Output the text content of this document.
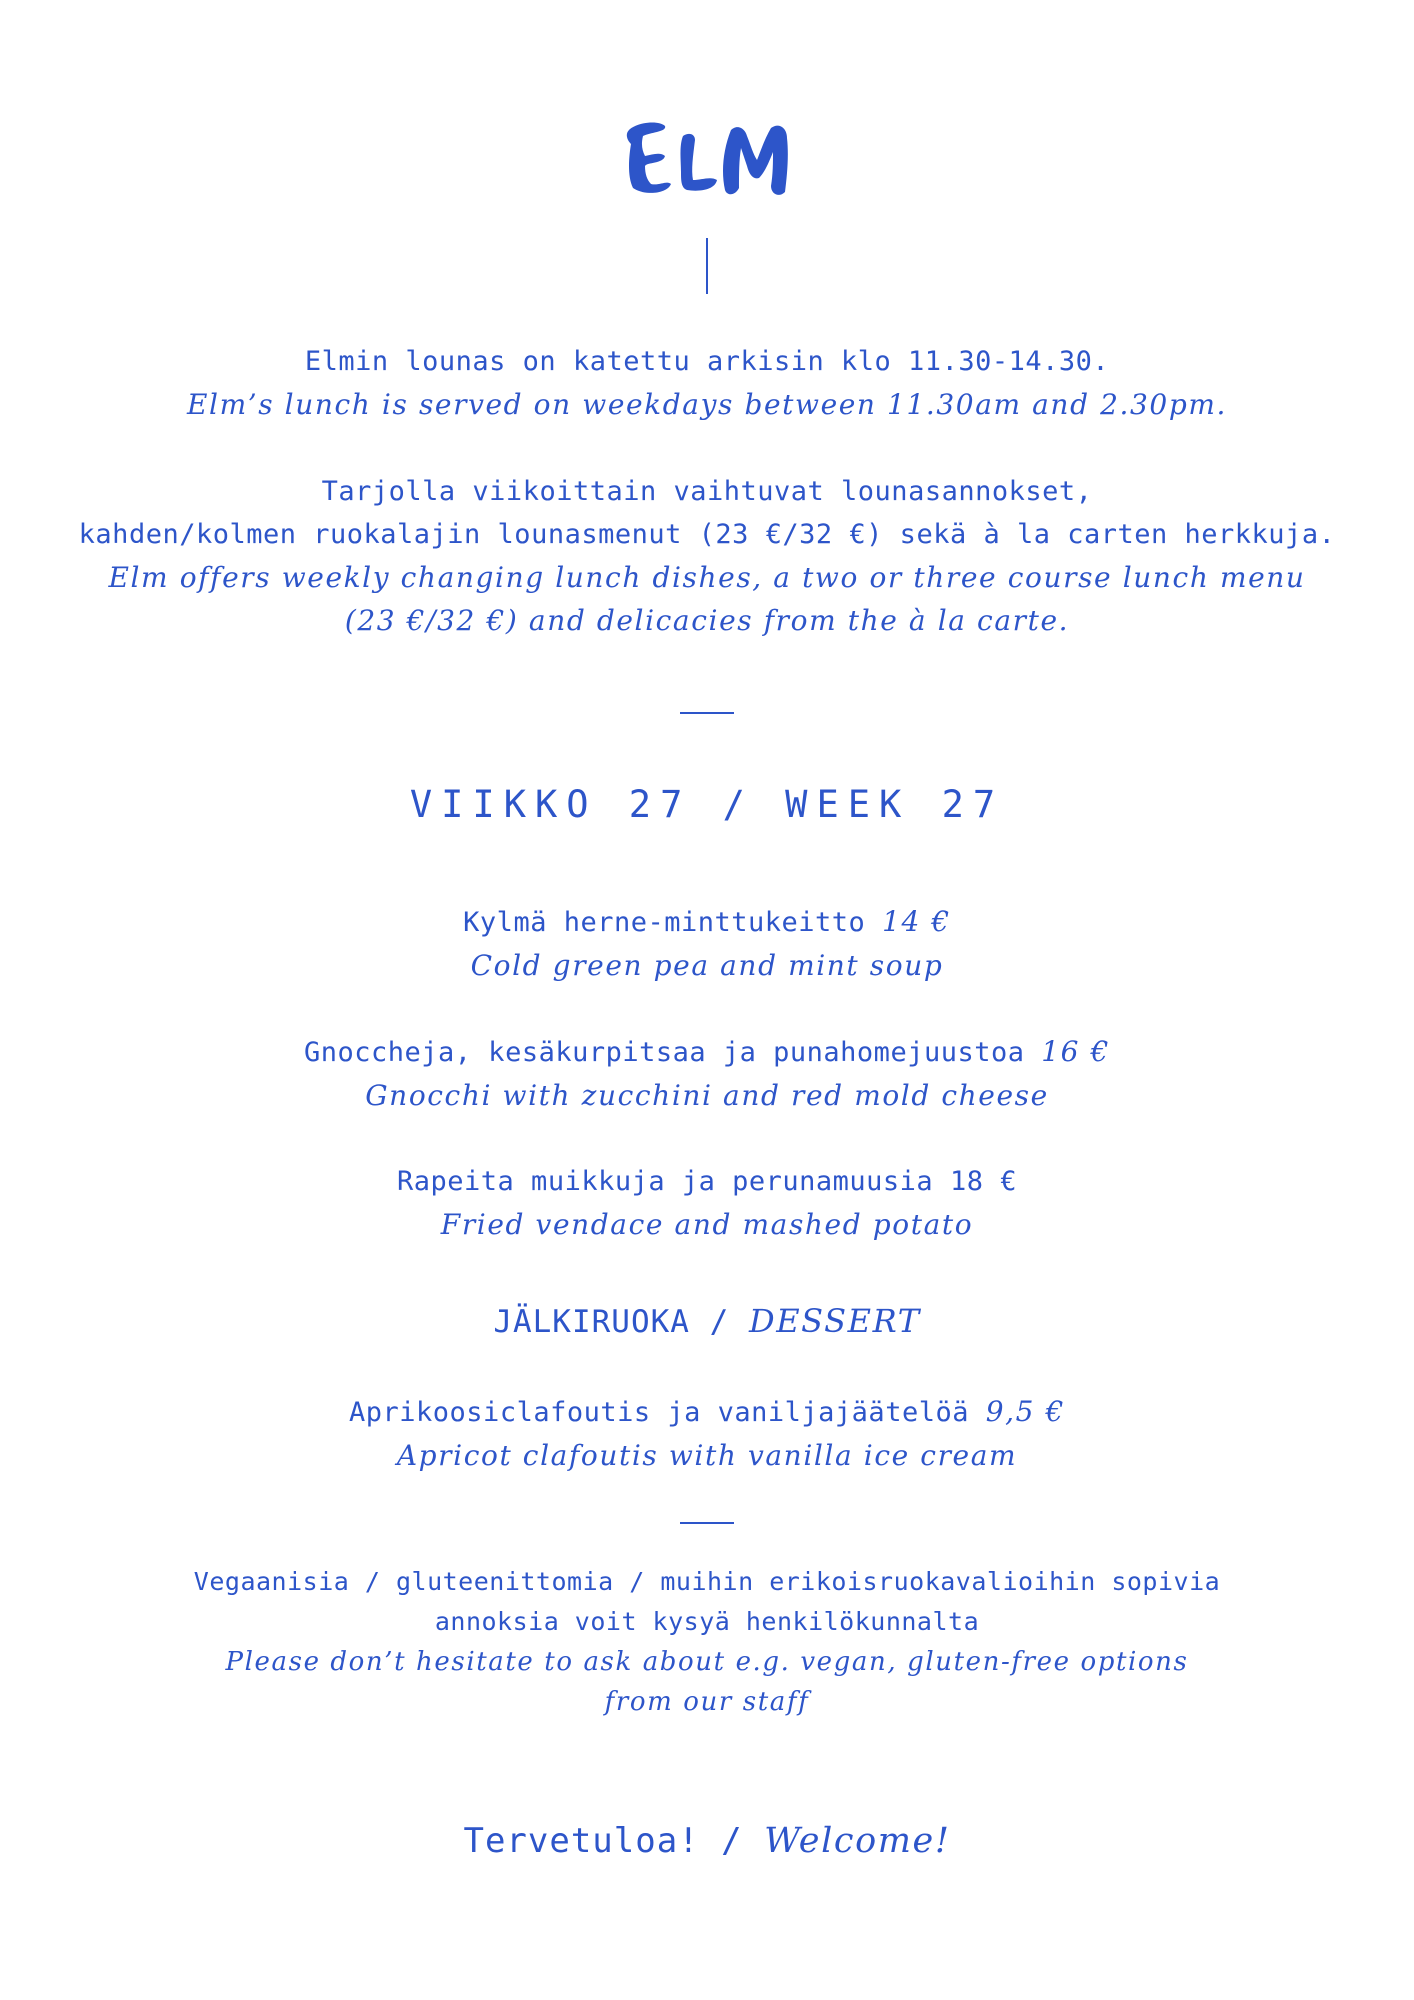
Elmin lounas on katettu arkisin klo 11.30-14.30.
Elm’s lunch is served on weekdays between 11.30am and 2.30pm.
Tarjolla viikoittain vaihtuvat lounasannokset,
kahden/kolmen ruokalajin lounasmenut (23 €/32 €) sekä à la carten herkkuja.
Elm offers weekly changing lunch dishes, a two or three course lunch menu
(23 €/32 €) and delicacies from the à la carte.
VIIKKO 27 / WEEK 27
Kylmä herne-minttukeitto 14 €
Cold green pea and mint soup
Gnoccheja, kesäkurpitsaa ja punahomejuustoa 16 €
Gnocchi with zucchini and red mold cheese
Rapeita muikkuja ja perunamuusia 18 €
Fried vendace and mashed potato
JÄLKIRUOKA / DESSERT
Aprikoosiclafoutis ja vaniljajäätelöä 9,5 €
Apricot clafoutis with vanilla ice cream
Vegaanisia / gluteenittomia / muihin erikoisruokavalioihin sopivia
annoksia voit kysyä henkilökunnalta
Please don’t hesitate to ask about e.g. vegan, gluten-free options
from our staff
Tervetuloa! / Welcome!
